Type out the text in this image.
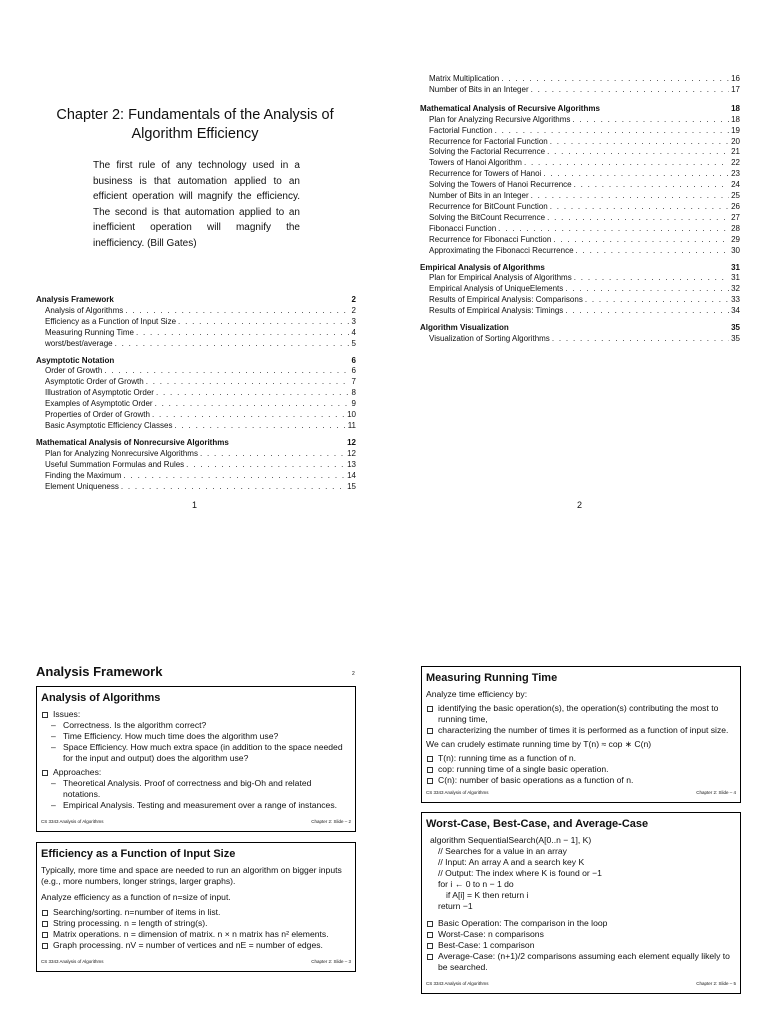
Chapter 2: Fundamentals of the Analysis of
Algorithm Efficiency
The first rule of any technology used in a business is that automation applied to an efficient operation will magnify the efficiency. The second is that automation applied to an inefficient operation will magnify the inefficiency. (Bill Gates)
Analysis Framework	2
Analysis of Algorithms . . .	2
Efficiency as a Function of Input Size . . .	3
Measuring Running Time . . .	4
worst/best/average . . .	5
Asymptotic Notation	6
Order of Growth . . .	6
Asymptotic Order of Growth . . .	7
Illustration of Asymptotic Order . . .	8
Examples of Asymptotic Order . . .	9
Properties of Order of Growth . . .	10
Basic Asymptotic Efficiency Classes . . .	11
Mathematical Analysis of Nonrecursive Algorithms	12
Plan for Analyzing Nonrecursive Algorithms . . .	12
Useful Summation Formulas and Rules . . .	13
Finding the Maximum . . .	14
Element Uniqueness . . .	15
1
Matrix Multiplication . . .	16
Number of Bits in an Integer . . .	17
Mathematical Analysis of Recursive Algorithms	18
Plan for Analyzing Recursive Algorithms . . .	18
Factorial Function . . .	19
Recurrence for Factorial Function . . .	20
Solving the Factorial Recurrence . . .	21
Towers of Hanoi Algorithm . . .	22
Recurrence for Towers of Hanoi . . .	23
Solving the Towers of Hanoi Recurrence . . .	24
Number of Bits in an Integer . . .	25
Recurrence for BitCount Function . . .	26
Solving the BitCount Recurrence . . .	27
Fibonacci Function . . .	28
Recurrence for Fibonacci Function . . .	29
Approximating the Fibonacci Recurrence . . .	30
Empirical Analysis of Algorithms	31
Plan for Empirical Analysis of Algorithms . . .	31
Empirical Analysis of UniqueElements . . .	32
Results of Empirical Analysis: Comparisons . . .	33
Results of Empirical Analysis: Timings . . .	34
Algorithm Visualization	35
Visualization of Sorting Algorithms . . .	35
2
Analysis Framework	2
Analysis of Algorithms
Issues:
– Correctness. Is the algorithm correct?
– Time Efficiency. How much time does the algorithm use?
– Space Efficiency. How much extra space (in addition to the space needed for the input and output) does the algorithm use?
Approaches:
– Theoretical Analysis. Proof of correctness and big-Oh and related notations.
– Empirical Analysis. Testing and measurement over a range of instances.
CS 3343 Analysis of Algorithms	Chapter 2: Slide – 2
Efficiency as a Function of Input Size
Typically, more time and space are needed to run an algorithm on bigger inputs (e.g., more numbers, longer strings, larger graphs).
Analyze efficiency as a function of n=size of input.
Searching/sorting. n=number of items in list.
String processing. n = length of string(s).
Matrix operations. n = dimension of matrix. n × n matrix has n² elements.
Graph processing. nV = number of vertices and nE = number of edges.
CS 3343 Analysis of Algorithms	Chapter 2: Slide – 3
Measuring Running Time
Analyze time efficiency by:
identifying the basic operation(s), the operation(s) contributing the most to running time,
characterizing the number of times it is performed as a function of input size.
We can crudely estimate running time by T(n) ≈ cop ∗ C(n)
T(n): running time as a function of n.
cop: running time of a single basic operation.
C(n): number of basic operations as a function of n.
CS 3343 Analysis of Algorithms	Chapter 2: Slide – 4
Worst-Case, Best-Case, and Average-Case
algorithm SequentialSearch(A[0..n − 1], K)
// Searches for a value in an array
// Input: An array A and a search key K
// Output: The index where K is found or −1
for i ← 0 to n − 1 do
if A[i] = K then return i
return −1
Basic Operation: The comparison in the loop
Worst-Case: n comparisons
Best-Case: 1 comparison
Average-Case: (n+1)/2 comparisons assuming each element equally likely to be searched.
CS 3343 Analysis of Algorithms	Chapter 2: Slide – 5
